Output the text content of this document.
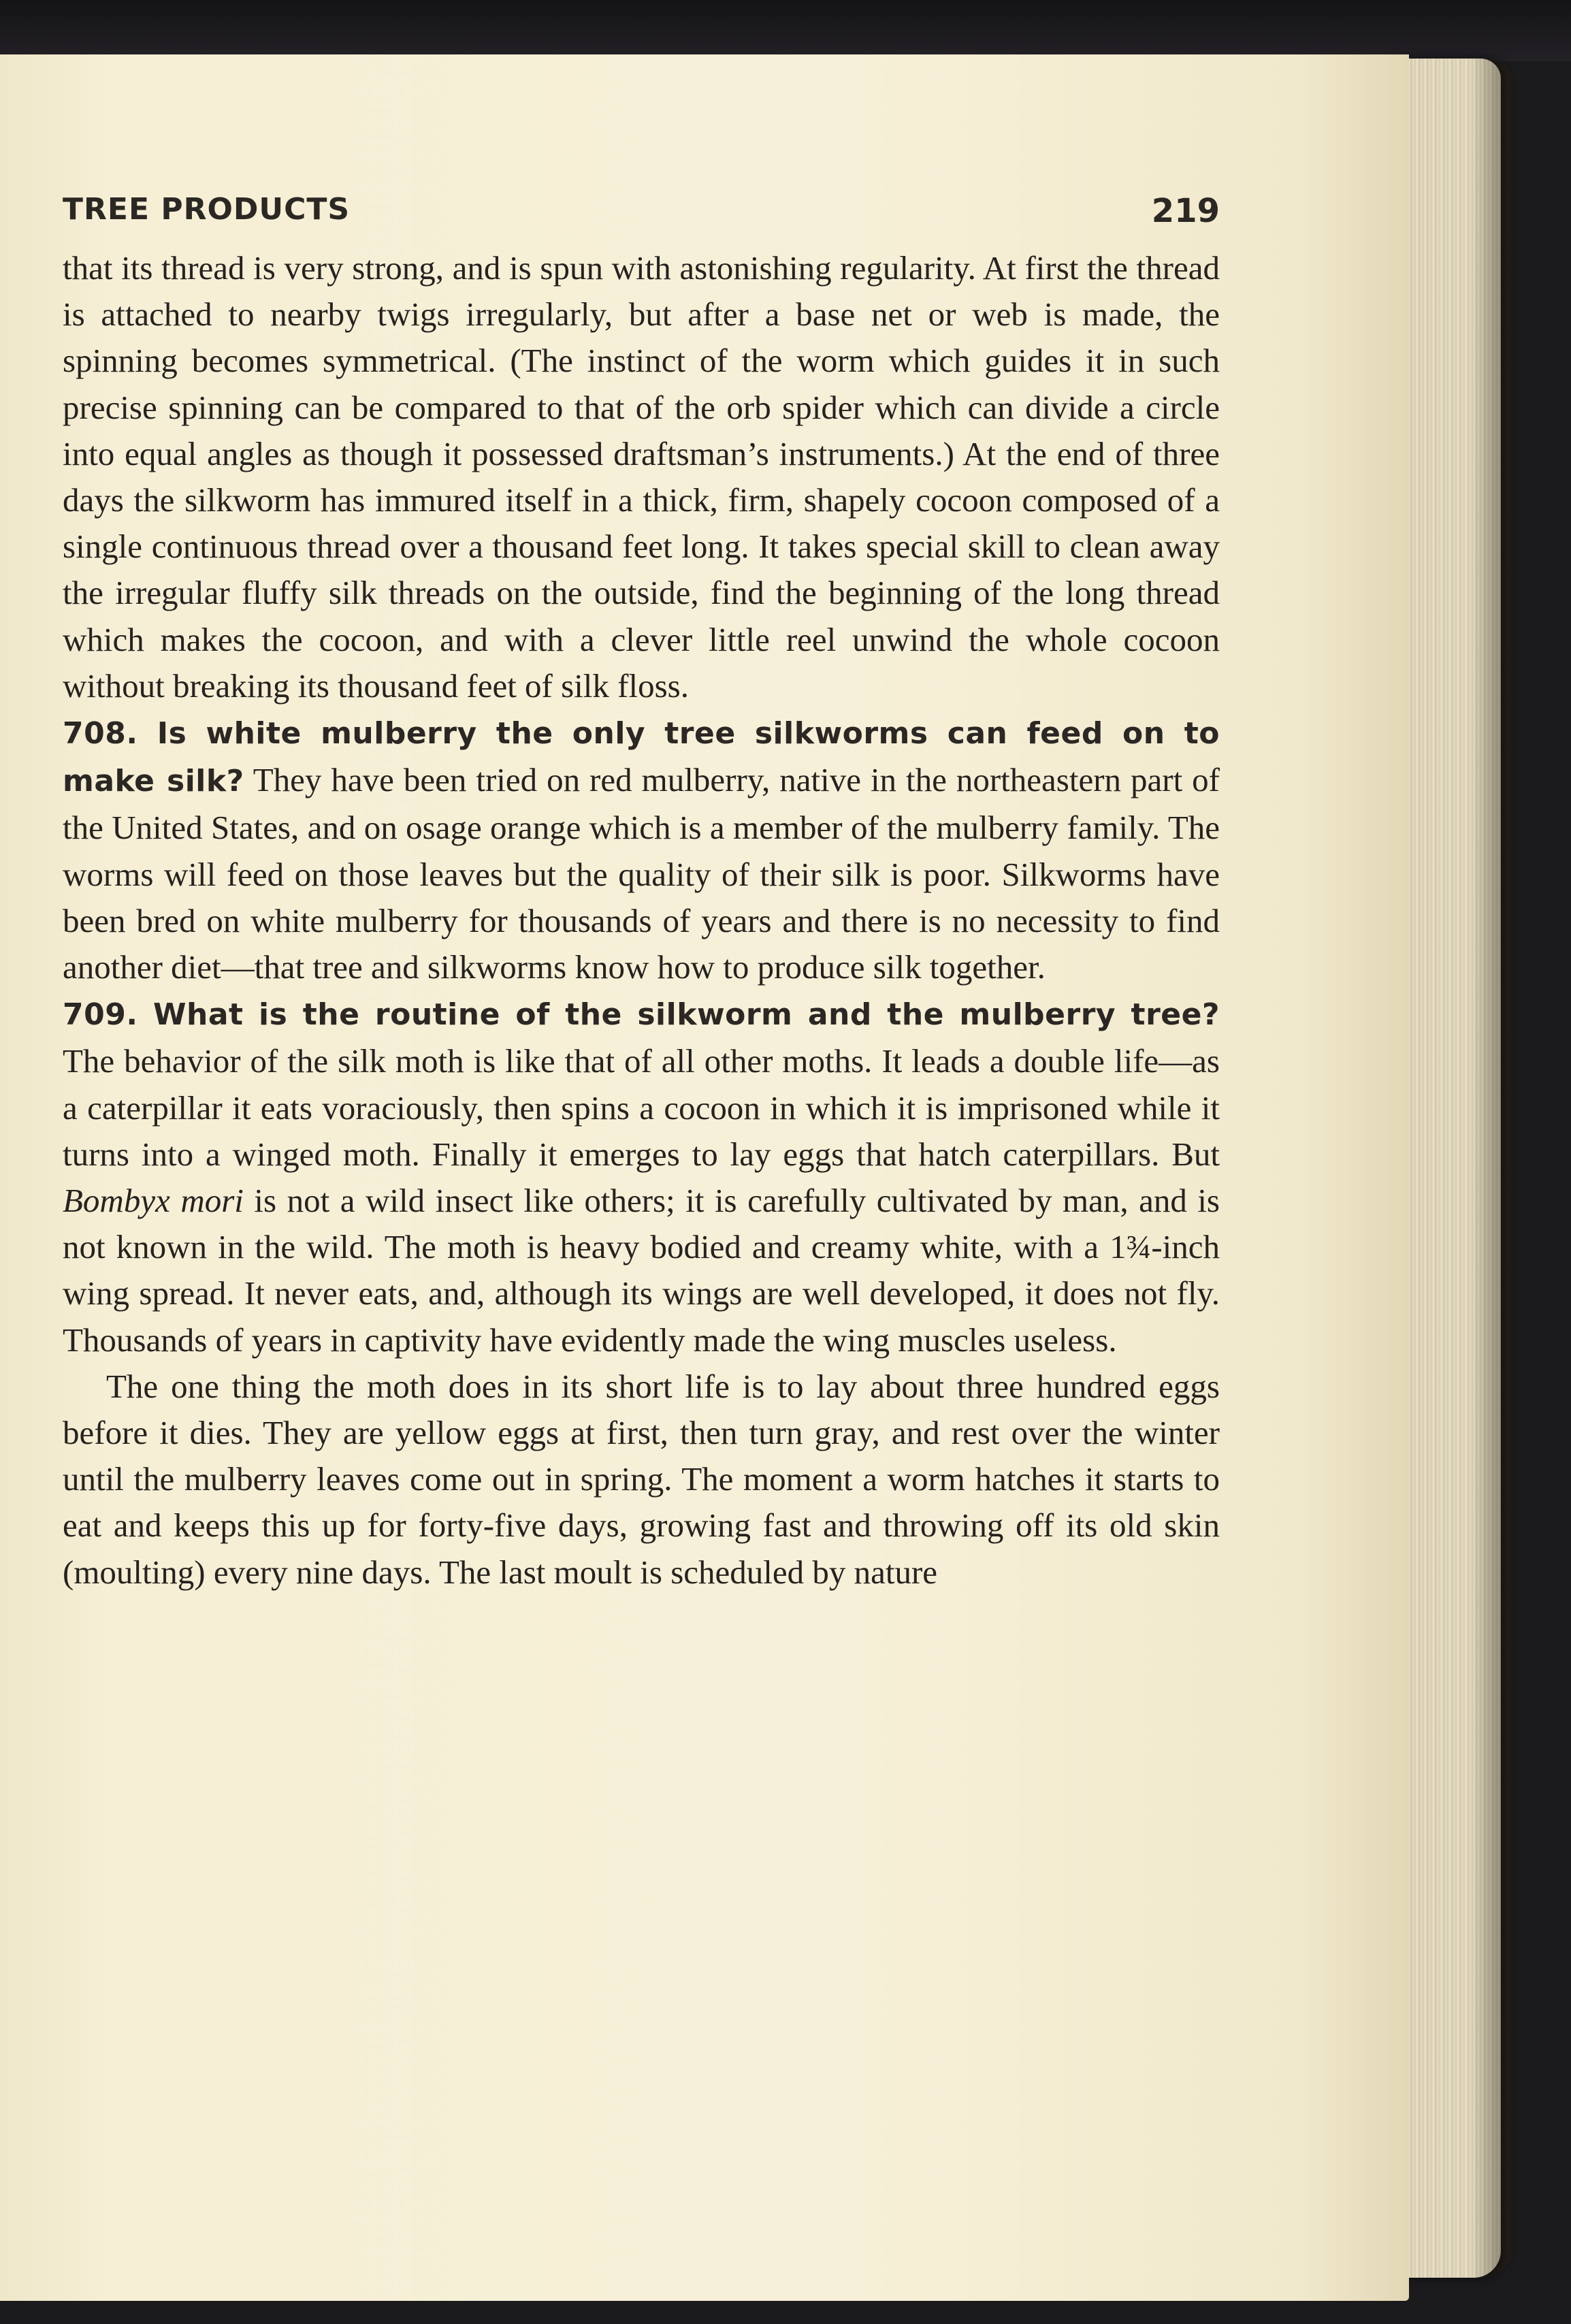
TREE PRODUCTS	219

that its thread is very strong, and is spun with astonishing regularity. At first the thread is attached to nearby twigs irregularly, but after a base net or web is made, the spinning becomes symmetrical. (The instinct of the worm which guides it in such precise spinning can be compared to that of the orb spider which can divide a circle into equal angles as though it possessed draftsman’s instruments.) At the end of three days the silkworm has immured itself in a thick, firm, shapely cocoon composed of a single continuous thread over a thousand feet long. It takes special skill to clean away the irregular fluffy silk threads on the outside, find the beginning of the long thread which makes the cocoon, and with a clever little reel unwind the whole cocoon without breaking its thousand feet of silk floss.

708. Is white mulberry the only tree silkworms can feed on to make silk? They have been tried on red mulberry, native in the northeastern part of the United States, and on osage orange which is a member of the mulberry family. The worms will feed on those leaves but the quality of their silk is poor. Silkworms have been bred on white mulberry for thousands of years and there is no necessity to find another diet—that tree and silkworms know how to produce silk together.

709. What is the routine of the silkworm and the mulberry tree? The behavior of the silk moth is like that of all other moths. It leads a double life—as a caterpillar it eats voraciously, then spins a cocoon in which it is imprisoned while it turns into a winged moth. Finally it emerges to lay eggs that hatch caterpillars. But Bombyx mori is not a wild insect like others; it is carefully cultivated by man, and is not known in the wild. The moth is heavy bodied and creamy white, with a 1¾-inch wing spread. It never eats, and, although its wings are well developed, it does not fly. Thousands of years in captivity have evidently made the wing muscles useless.

The one thing the moth does in its short life is to lay about three hundred eggs before it dies. They are yellow eggs at first, then turn gray, and rest over the winter until the mulberry leaves come out in spring. The moment a worm hatches it starts to eat and keeps this up for forty-five days, growing fast and throwing off its old skin (moulting) every nine days. The last moult is scheduled by nature
